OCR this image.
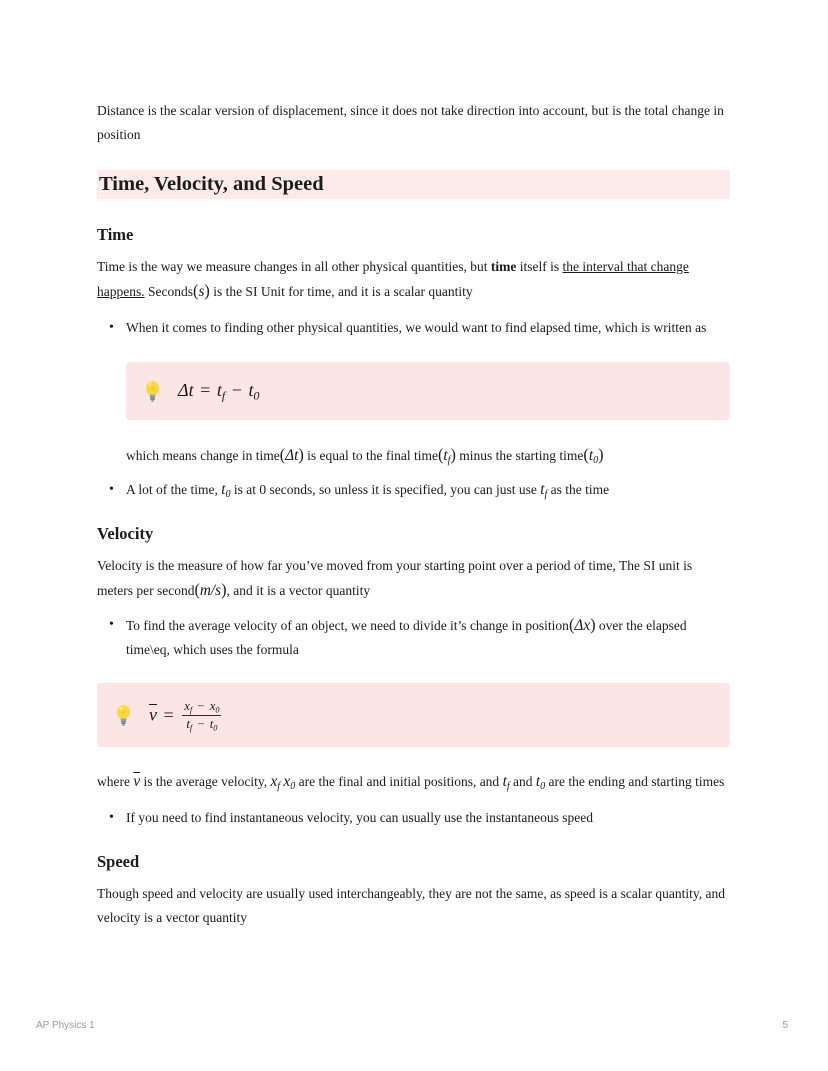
Distance is the scalar version of displacement, since it does not take direction into account, but is the total change in position

Time, Velocity, and Speed
Time

Time is the way we measure changes in all other physical quantities, but time itself is the interval that change happens. Seconds(s) is the SI Unit for time, and it is a scalar quantity

• When it comes to finding other physical quantities, we would want to find elapsed time, which is written as
$\Delta t = t_f - t_0$
which means change in time(Δt) is equal to the final $time(t_f)$ minus the starting $time(t_0)$
• A lot of the time, $t_0$ is at 0 seconds, so unless it is specified, you can just use $t_f$ as the time
Velocity

Velocity is the measure of how far you’ve moved from your starting point over a period of time, The SI unit is meters per second(m/s), and it is a vector quantity

• To find the average velocity of an object, we need to divide it’s change in position(Δx) over the elapsed time\eq, which uses the formula
$\overline{v} = \frac{x_f - x_0}{t_f - t_0}$

where $\overline{v}$ is the average velocity, $x_f$ $x_0$ are the final and initial positions, and $t_f$ and $t_0$ are the ending and starting times

• If you need to find instantaneous velocity, you can usually use the instantaneous speed
Speed

Though speed and velocity are usually used interchangeably, they are not the same, as speed is a scalar quantity, and velocity is a vector quantity

AP Physics 1	5
